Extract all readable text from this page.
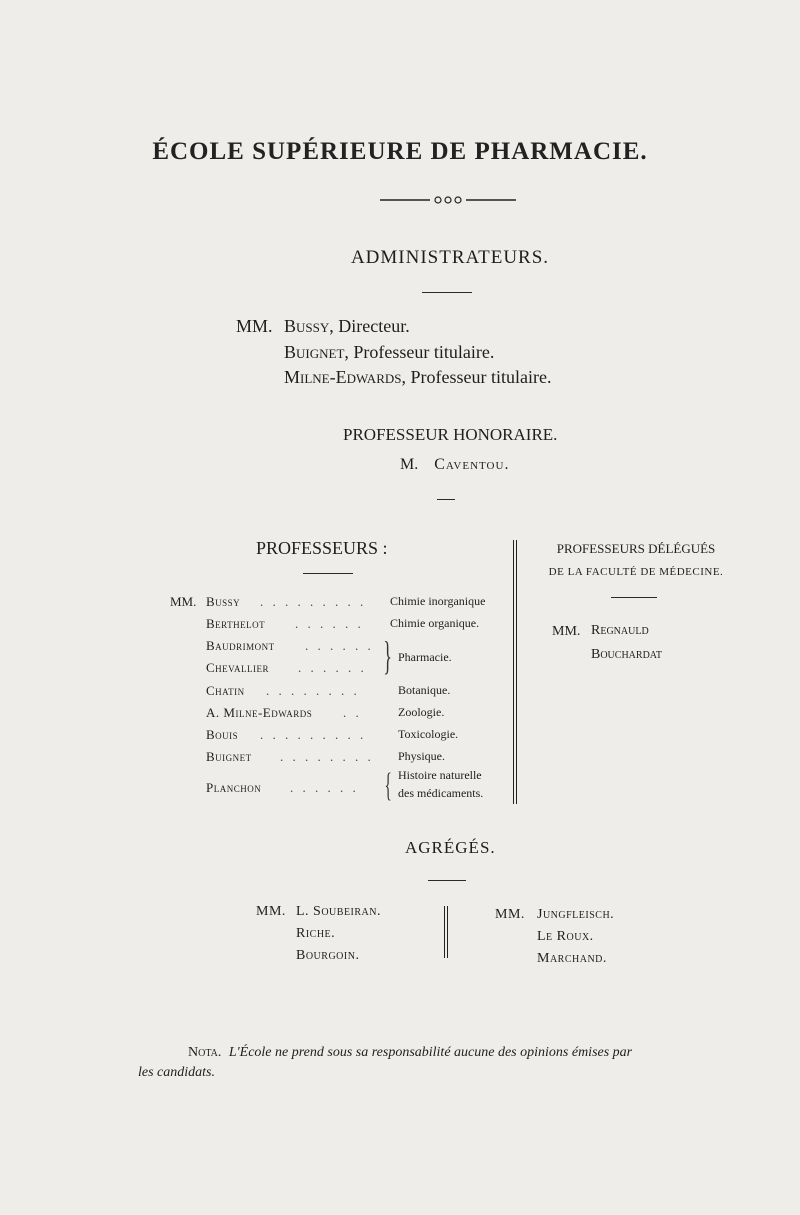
ÉCOLE SUPÉRIEURE DE PHARMACIE.
ADMINISTRATEURS.
MM. Bussy, Directeur.
Buignet, Professeur titulaire.
Milne-Edwards, Professeur titulaire.
PROFESSEUR HONORAIRE.
M. Caventou.
PROFESSEURS :
MM. Bussy . . . . . . . . . Chimie inorganique
Berthelot . . . . . . Chimie organique.
Baudrimont . . . . . .
Chevallier . . . . . . } Pharmacie.
Chatin . . . . . . . .	Botanique.
A. Milne-Edwards . .	Zoologie.
Bouis . . . . . . . . .	Toxicologie.
Buignet . . . . . . . . Physique.
Planchon . . . . . . { Histoire naturelle
des médicaments.
PROFESSEURS DÉLÉGUÉS
DE LA FACULTÉ DE MÉDECINE.
MM. Regnauld
Bouchardat
AGRÉGÉS.
MM. L. Soubeiran.
Riche.
Bourgoin.
MM. Jungfleisch.
Le Roux.
Marchand.
Nota. L'École ne prend sous sa responsabilité aucune des opinions émises par
les candidats.
